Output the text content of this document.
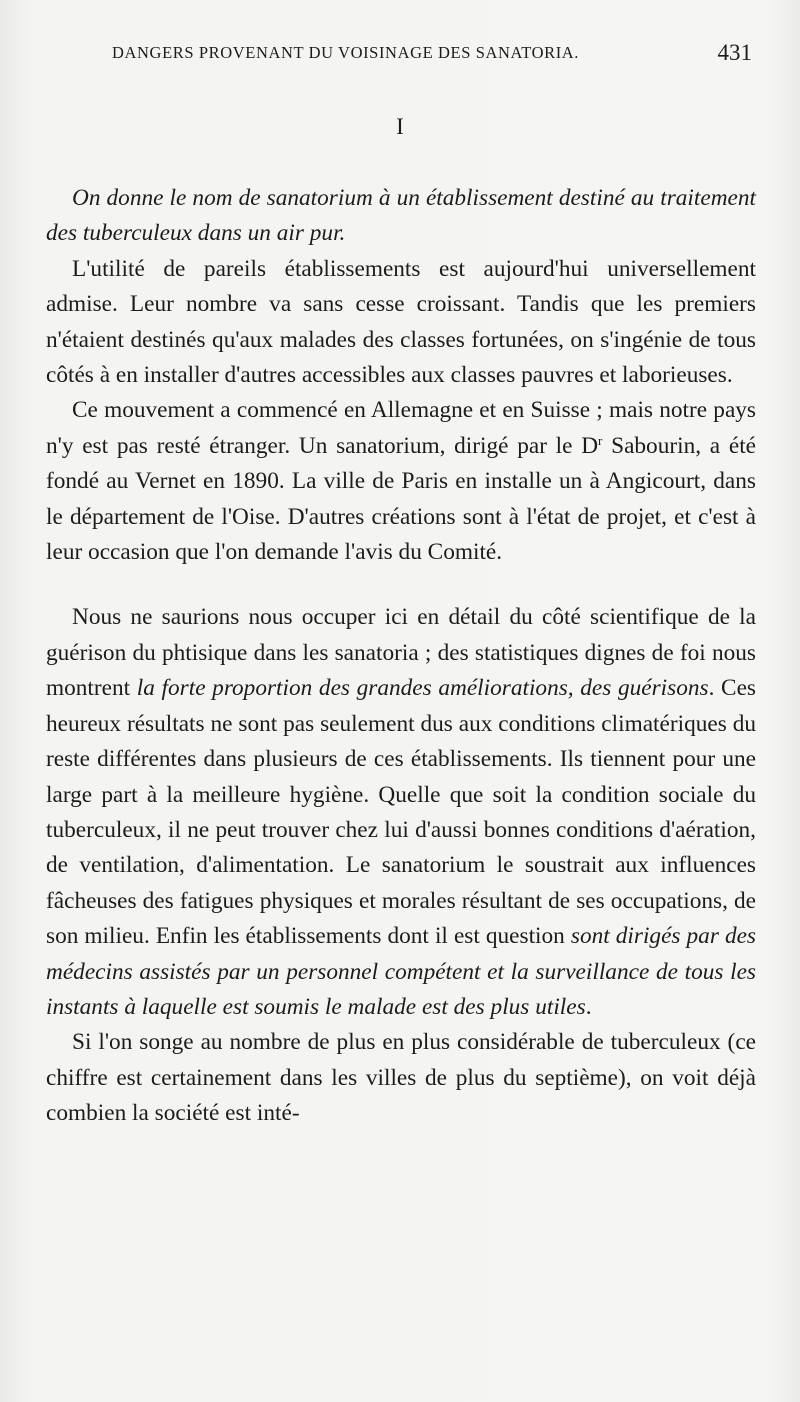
DANGERS PROVENANT DU VOISINAGE DES SANATORIA.	431
I

On donne le nom de sanatorium à un établissement destiné au traitement des tuberculeux dans un air pur.

L'utilité de pareils établissements est aujourd'hui universellement admise. Leur nombre va sans cesse croissant. Tandis que les premiers n'étaient destinés qu'aux malades des classes fortunées, on s'ingénie de tous côtés à en installer d'autres accessibles aux classes pauvres et laborieuses.

Ce mouvement a commencé en Allemagne et en Suisse ; mais notre pays n'y est pas resté étranger. Un sanatorium, dirigé par le $D^r$ Sabourin, a été fondé au Vernet en 1890. La ville de Paris en installe un à Angicourt, dans le département de l'Oise. D'autres créations sont à l'état de projet, et c'est à leur occasion que l'on demande l'avis du Comité.

Nous ne saurions nous occuper ici en détail du côté scientifique de la guérison du phtisique dans les sanatoria ; des statistiques dignes de foi nous montrent la forte proportion des grandes améliorations, des guérisons. Ces heureux résultats ne sont pas seulement dus aux conditions climatériques du reste différentes dans plusieurs de ces établissements. Ils tiennent pour une large part à la meilleure hygiène. Quelle que soit la condition sociale du tuberculeux, il ne peut trouver chez lui d'aussi bonnes conditions d'aération, de ventilation, d'alimentation. Le sanatorium le soustrait aux influences fâcheuses des fatigues physiques et morales résultant de ses occupations, de son milieu. Enfin les établissements dont il est question sont dirigés par des médecins assistés par un personnel compétent et la surveillance de tous les instants à laquelle est soumis le malade est des plus utiles.

Si l'on songe au nombre de plus en plus considérable de tuberculeux (ce chiffre est certainement dans les villes de plus du septième), on voit déjà combien la société est inté-
